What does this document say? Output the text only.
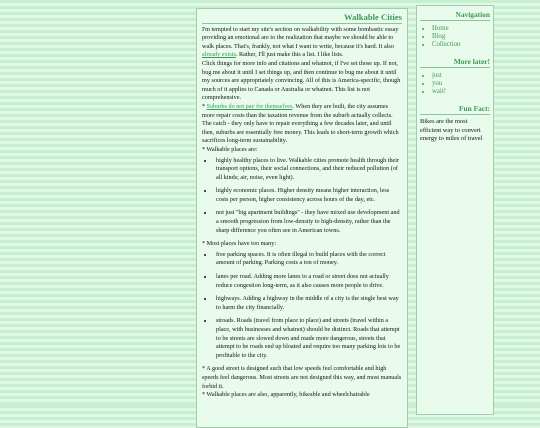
Walkable Cities

I'm tempted to start my site's section on walkability with some bombastic essay providing an emotional are to the realization that maybe we should be able to walk places. That's, frankly, not what I want to write, because it's hard. It also already exists. Rather, I'll just make this a list. I like lists.

Click things for more info and citations and whatnot, if I've set those up. If not, bug me about it until I set things up, and then continue to bug me about it until my sources are appropriately convincing. All of this is America-specific, though much of it applies to Canada or Australia or whatnot. This list is not comprehensive.

* Suburbs do not pay for themselves. When they are built, the city assumes more repair costs than the taxation revenue from the suburb actually collects. The catch - they only have to repair everything a few decades later, and until then, suburbs are essentially free money. This leads to short-term growth which sacrifices long-term sustainability.

* Walkable places are:

• highly healthy places to live. Walkable cities promote health through their transport options, their social connections, and their reduced pollution (of all kinds; air, noise, even light).
• highly economic places. Higher density means higher interaction, less costs per person, higher consistency across hours of the day, etc.
• not just "big apartment buildings" - they have mixed use development and a smooth progression from low-density to high-density, rather than the sharp difference you often see in American towns.

* Most places have too many:

• free parking spaces. It is often illegal to build places with the correct amount of parking. Parking costs a ton of money.
• lanes per road. Adding more lanes to a road or street does not actually reduce congestion long-term, as it also causes more people to drive.
• highways. Adding a highway in the middle of a city is the single best way to harm the city financially.
• stroads. Roads (travel from place to place) and streets (travel within a place, with businesses and whatnot) should be distinct. Roads that attempt to be streets are slowed down and made more dangerous, streets that attempt to be roads end up bloated and require too many parking lots to be profitable to the city.

* A good street is designed such that low speeds feel comfortable and high speeds feel dangerous. Most streets are not designed this way, and most manuals forbid it.

* Walkable places are also, apparently, bikeable and wheelchairable

Navigation
• Home
• Blog
• Collection
More later!
• just
• you
• wait!
Fun Fact:

Bikes are the most efficient way to convert energy to miles of travel
